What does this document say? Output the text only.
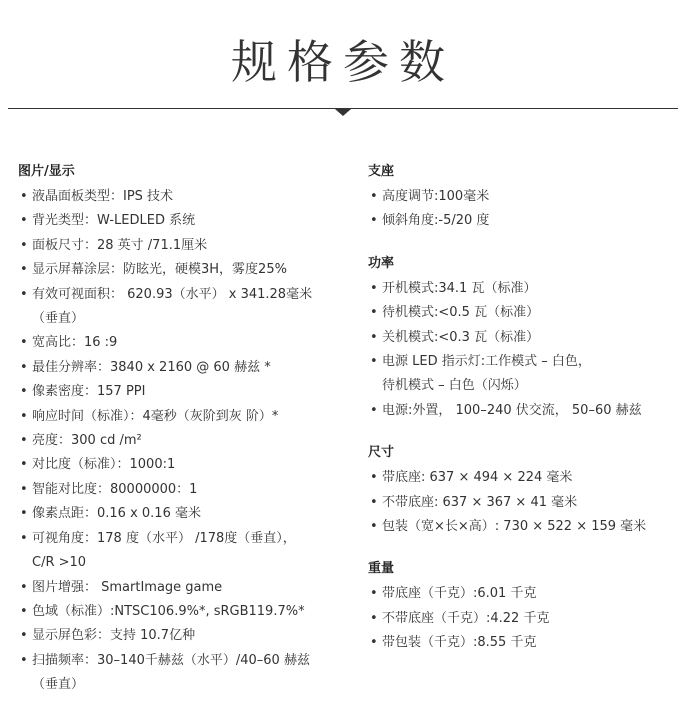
规格参数
图片/显示
• 液晶面板类型：IPS 技术
• 背光类型：W-LEDLED 系统
• 面板尺寸：28 英寸 /71.1厘米
• 显示屏幕涂层：防眩光，硬模3H，雾度25%
• 有效可视面积： 620.93（水平） x 341.28毫米
（垂直）
• 宽高比：16 :9
• 最佳分辨率：3840 x 2160 @ 60 赫兹 *
• 像素密度：157 PPI
• 响应时间（标准）：4毫秒（灰阶到灰 阶）*
• 亮度：300 cd /m²
• 对比度（标准）：1000:1
• 智能对比度：80000000：1
• 像素点距：0.16 x 0.16 毫米
• 可视角度：178 度（水平） /178度（垂直），
C/R >10
• 图片增强： SmartImage game
• 色域（标准）:NTSC106.9%*, sRGB119.7%*
• 显示屏色彩：支持 10.7亿种
• 扫描频率：30–140千赫兹（水平）/40–60 赫兹
（垂直）
支座
• 高度调节:100毫米
• 倾斜角度:-5/20 度
功率
• 开机模式:34.1 瓦（标准）
• 待机模式:<0.5 瓦（标准）
• 关机模式:<0.3 瓦（标准）
• 电源 LED 指示灯:工作模式 – 白色，
待机模式 – 白色（闪烁）
• 电源:外置， 100–240 伏交流， 50–60 赫兹
尺寸
• 带底座: 637 × 494 × 224 毫米
• 不带底座: 637 × 367 × 41 毫米
• 包装（宽×长×高）: 730 × 522 × 159 毫米
重量
• 带底座（千克）:6.01 千克
• 不带底座（千克）:4.22 千克
• 带包装（千克）:8.55 千克
